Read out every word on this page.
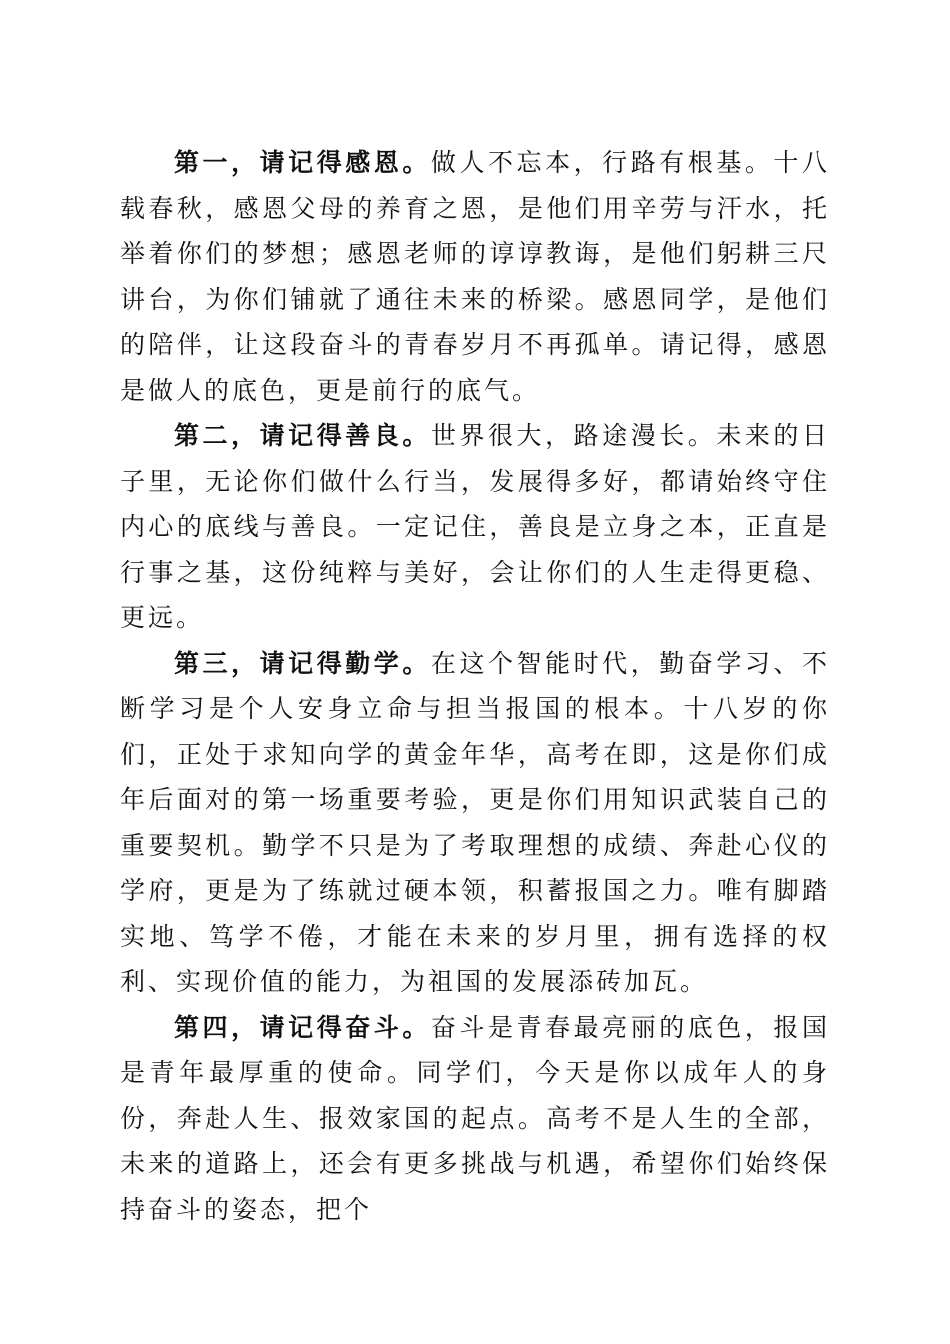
第一，请记得感恩。做人不忘本，行路有根基。十八载春秋，感恩父母的养育之恩，是他们用辛劳与汗水，托举着你们的梦想；感恩老师的谆谆教诲，是他们躬耕三尺讲台，为你们铺就了通往未来的桥梁。感恩同学，是他们的陪伴，让这段奋斗的青春岁月不再孤单。请记得，感恩是做人的底色，更是前行的底气。

第二，请记得善良。世界很大，路途漫长。未来的日子里，无论你们做什么行当，发展得多好，都请始终守住内心的底线与善良。一定记住，善良是立身之本，正直是行事之基，这份纯粹与美好，会让你们的人生走得更稳、更远。

第三，请记得勤学。在这个智能时代，勤奋学习、不断学习是个人安身立命与担当报国的根本。十八岁的你们，正处于求知向学的黄金年华，高考在即，这是你们成年后面对的第一场重要考验，更是你们用知识武装自己的重要契机。勤学不只是为了考取理想的成绩、奔赴心仪的学府，更是为了练就过硬本领，积蓄报国之力。唯有脚踏实地、笃学不倦，才能在未来的岁月里，拥有选择的权利、实现价值的能力，为祖国的发展添砖加瓦。

第四，请记得奋斗。奋斗是青春最亮丽的底色，报国是青年最厚重的使命。同学们，今天是你以成年人的身份，奔赴人生、报效家国的起点。高考不是人生的全部，未来的道路上，还会有更多挑战与机遇，希望你们始终保持奋斗的姿态，把个
